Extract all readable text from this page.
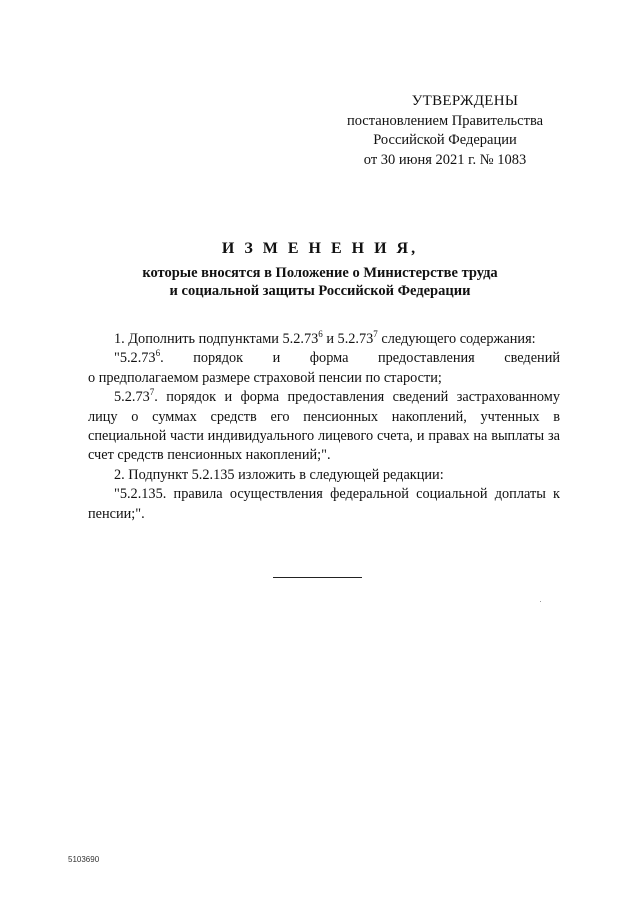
УТВЕРЖДЕНЫ
постановлением Правительства
Российской Федерации
от 30 июня 2021 г. № 1083
И З М Е Н Е Н И Я,
которые вносятся в Положение о Министерстве труда
и социальной защиты Российской Федерации

1. Дополнить подпунктами 5.2.73$^6$ и 5.2.73$^7$ следующего содержания:

"5.2.73$^6$. порядок и форма предоставления сведений

о предполагаемом размере страховой пенсии по старости;

5.2.73$^7$. порядок и форма предоставления сведений застрахованному лицу о суммах средств его пенсионных накоплений, учтенных в специальной части индивидуального лицевого счета, и правах на выплаты за счет средств пенсионных накоплений;".

2. Подпункт 5.2.135 изложить в следующей редакции:

"5.2.135. правила осуществления федеральной социальной доплаты к пенсии;".

5103690
